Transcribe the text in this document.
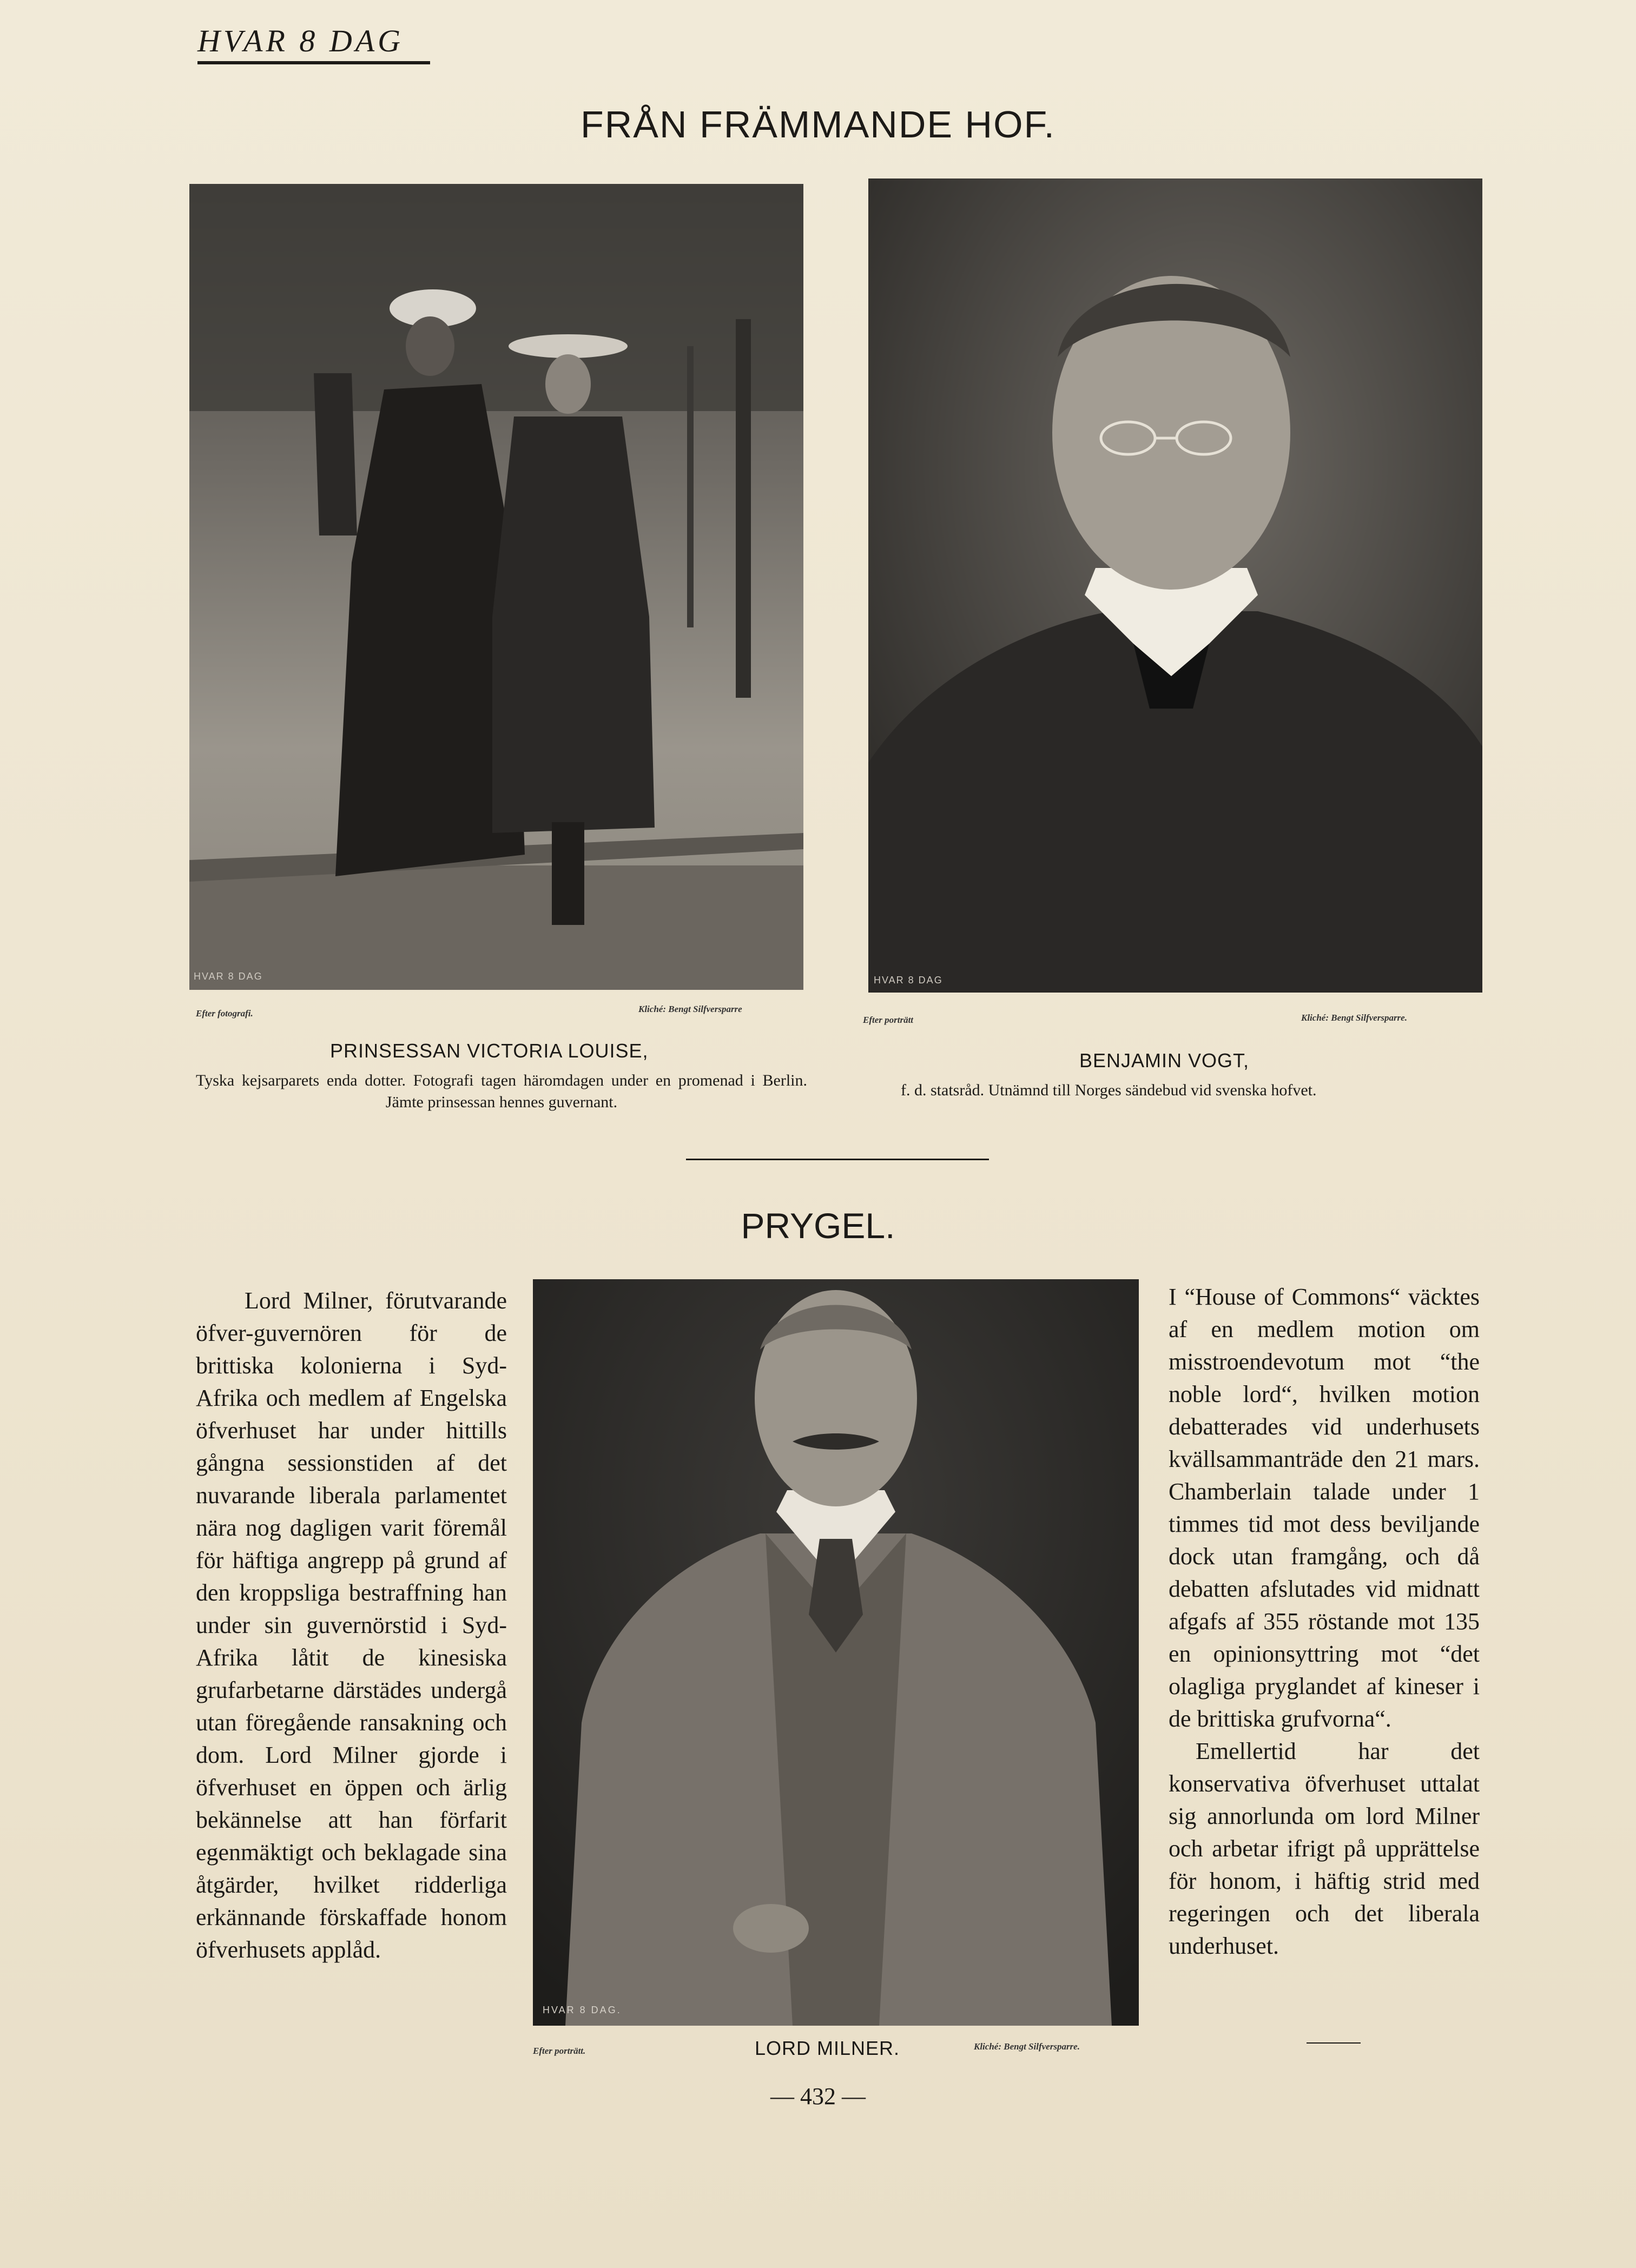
HVAR 8 DAG
FRÅN FRÄMMANDE HOF.
HVAR 8 DAG
Efter fotografi.	Kliché: Bengt Silfversparre
PRINSESSAN VICTORIA LOUISE,
Tyska kejsarparets enda dotter. Fotografi tagen häromdagen under en promenad i Berlin. Jämte prinsessan hennes guvernant.
HVAR 8 DAG
Efter porträtt	Kliché: Bengt Silfversparre.
BENJAMIN VOGT,
f. d. statsråd. Utnämnd till Norges sändebud vid svenska hofvet.
PRYGEL.

Lord Milner, förutvarande öfver-guvernören för de brittiska kolonierna i Syd-Afrika och medlem af Engelska öfverhuset har under hittills gångna sessionstiden af det nuvarande liberala parlamentet nära nog dagligen varit föremål för häftiga angrepp på grund af den kroppsliga bestraffning han under sin guvernörstid i Syd-Afrika låtit de kinesiska grufarbetarne därstädes undergå utan föregående ransakning och dom. Lord Milner gjorde i öfverhuset en öppen och ärlig bekännelse att han förfarit egenmäktigt och beklagade sina åtgärder, hvilket ridderliga erkännande förskaffade honom öfverhusets applåd.

HVAR 8 DAG.
Efter porträtt.	LORD MILNER.	Kliché: Bengt Silfversparre.

I “House of Commons“ väcktes af en medlem motion om misstroendevotum mot “the noble lord“, hvilken motion debatterades vid underhusets kvällsammanträde den 21 mars. Chamberlain talade under 1 timmes tid mot dess beviljande dock utan framgång, och då debatten afslutades vid midnatt afgafs af 355 röstande mot 135 en opinionsyttring mot “det olagliga pryglandet af kineser i de brittiska grufvorna“.

Emellertid har det konservativa öfverhuset uttalat sig annorlunda om lord Milner och arbetar ifrigt på upprättelse för honom, i häftig strid med regeringen och det liberala underhuset.

— 432 —
